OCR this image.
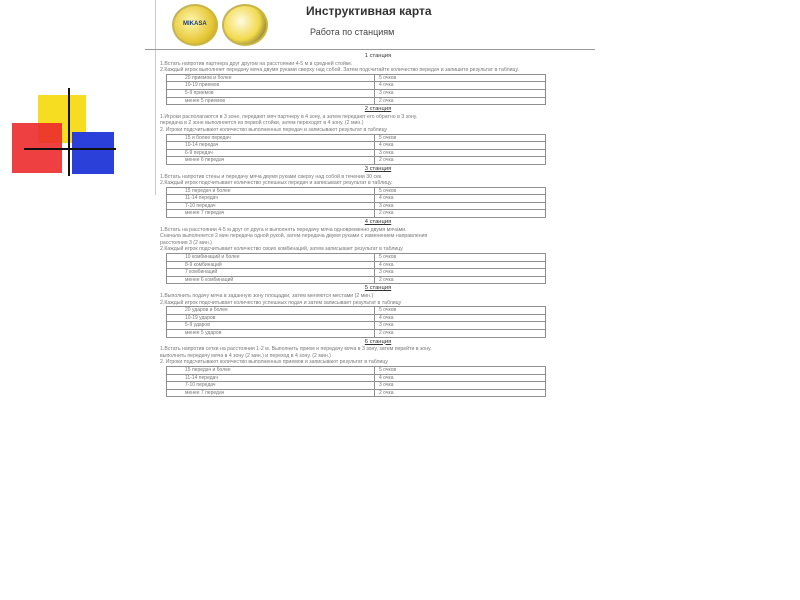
MIKASA
Инструктивная карта
Работа по станциям
1 станция
1.Встать напротив партнера друг другом на расстоянии 4-5 м в средней стойке.
2.Каждый игрок выполняет передачу мяча двумя руками сверху над собой. Затем подсчитайте количество передач и запишите результат в таблицу.
20 приемов и более	5 очков
10-19 приемов	4 очка
5-9 приемов	3 очка
менее 5 приемов	2 очка
2 станция
1.Игроки располагаются в 3 зоне, передают мяч партнеру в 4 зону, а затем передают его обратно в 3 зону.
передача в 2 зоне выполняется из первой стойки, затем переходят в 4 зону. (2 мин.)
2. Игроки подсчитывают количество выполненных передач и записывают результат в таблицу
15 и более передач	5 очков
10-14 передач	4 очка
6-9 передач	3 очка
менее 6 передач	2 очка
3 станция
1.Встать напротив стены и передачу мяча двумя руками сверху над собой в течении 30 сек.
2.Каждый игрок подсчитывает количество успешных передач и записывает результат в таблицу.
15 передач и более	5 очков
11-14 передач	4 очка
7-10 передач	3 очка
менее 7 передач	2 очка
4 станция
1.Встать на расстоянии 4-5 м друг от друга и выполнять передачу мяча одновременно двумя мячами.
Сначала выполняется 2 мин передача одной рукой, затем передача двумя руками с изменением направления
расстояния 3 (2 мин.)
2.Каждый игрок подсчитывает количество своих комбинаций, затем записывает результат в таблицу
10 комбинаций и более	5 очков
8-9 комбинаций	4 очка
7 комбинаций	3 очка
менее 6 комбинаций	2 очка
5 станция
1.Выполнить подачу мяча в заданную зону площадки, затем меняются местами (2 мин.)
2.Каждый игрок подсчитывает количество успешных подач и затем записывает результат в таблицу
20 ударов и более	5 очков
10-19 ударов	4 очка
5-9 ударов	3 очка
менее 5 ударов	2 очка
6 станция
1.Встать напротив сетки на расстоянии 1-2 м. Выполнить прием и передачу мяча в 3 зону, затем перейти в зону.
выполнить передачу мяча в 4 зону (2 мин.) и переход в 4 зону. (2 мин.)
2. Игроки подсчитывают количество выполненных приемов и записывают результат в таблицу
15 передач и более	5 очков
11-14 передач	4 очка
7-10 передач	3 очка
менее 7 передач	2 очка
